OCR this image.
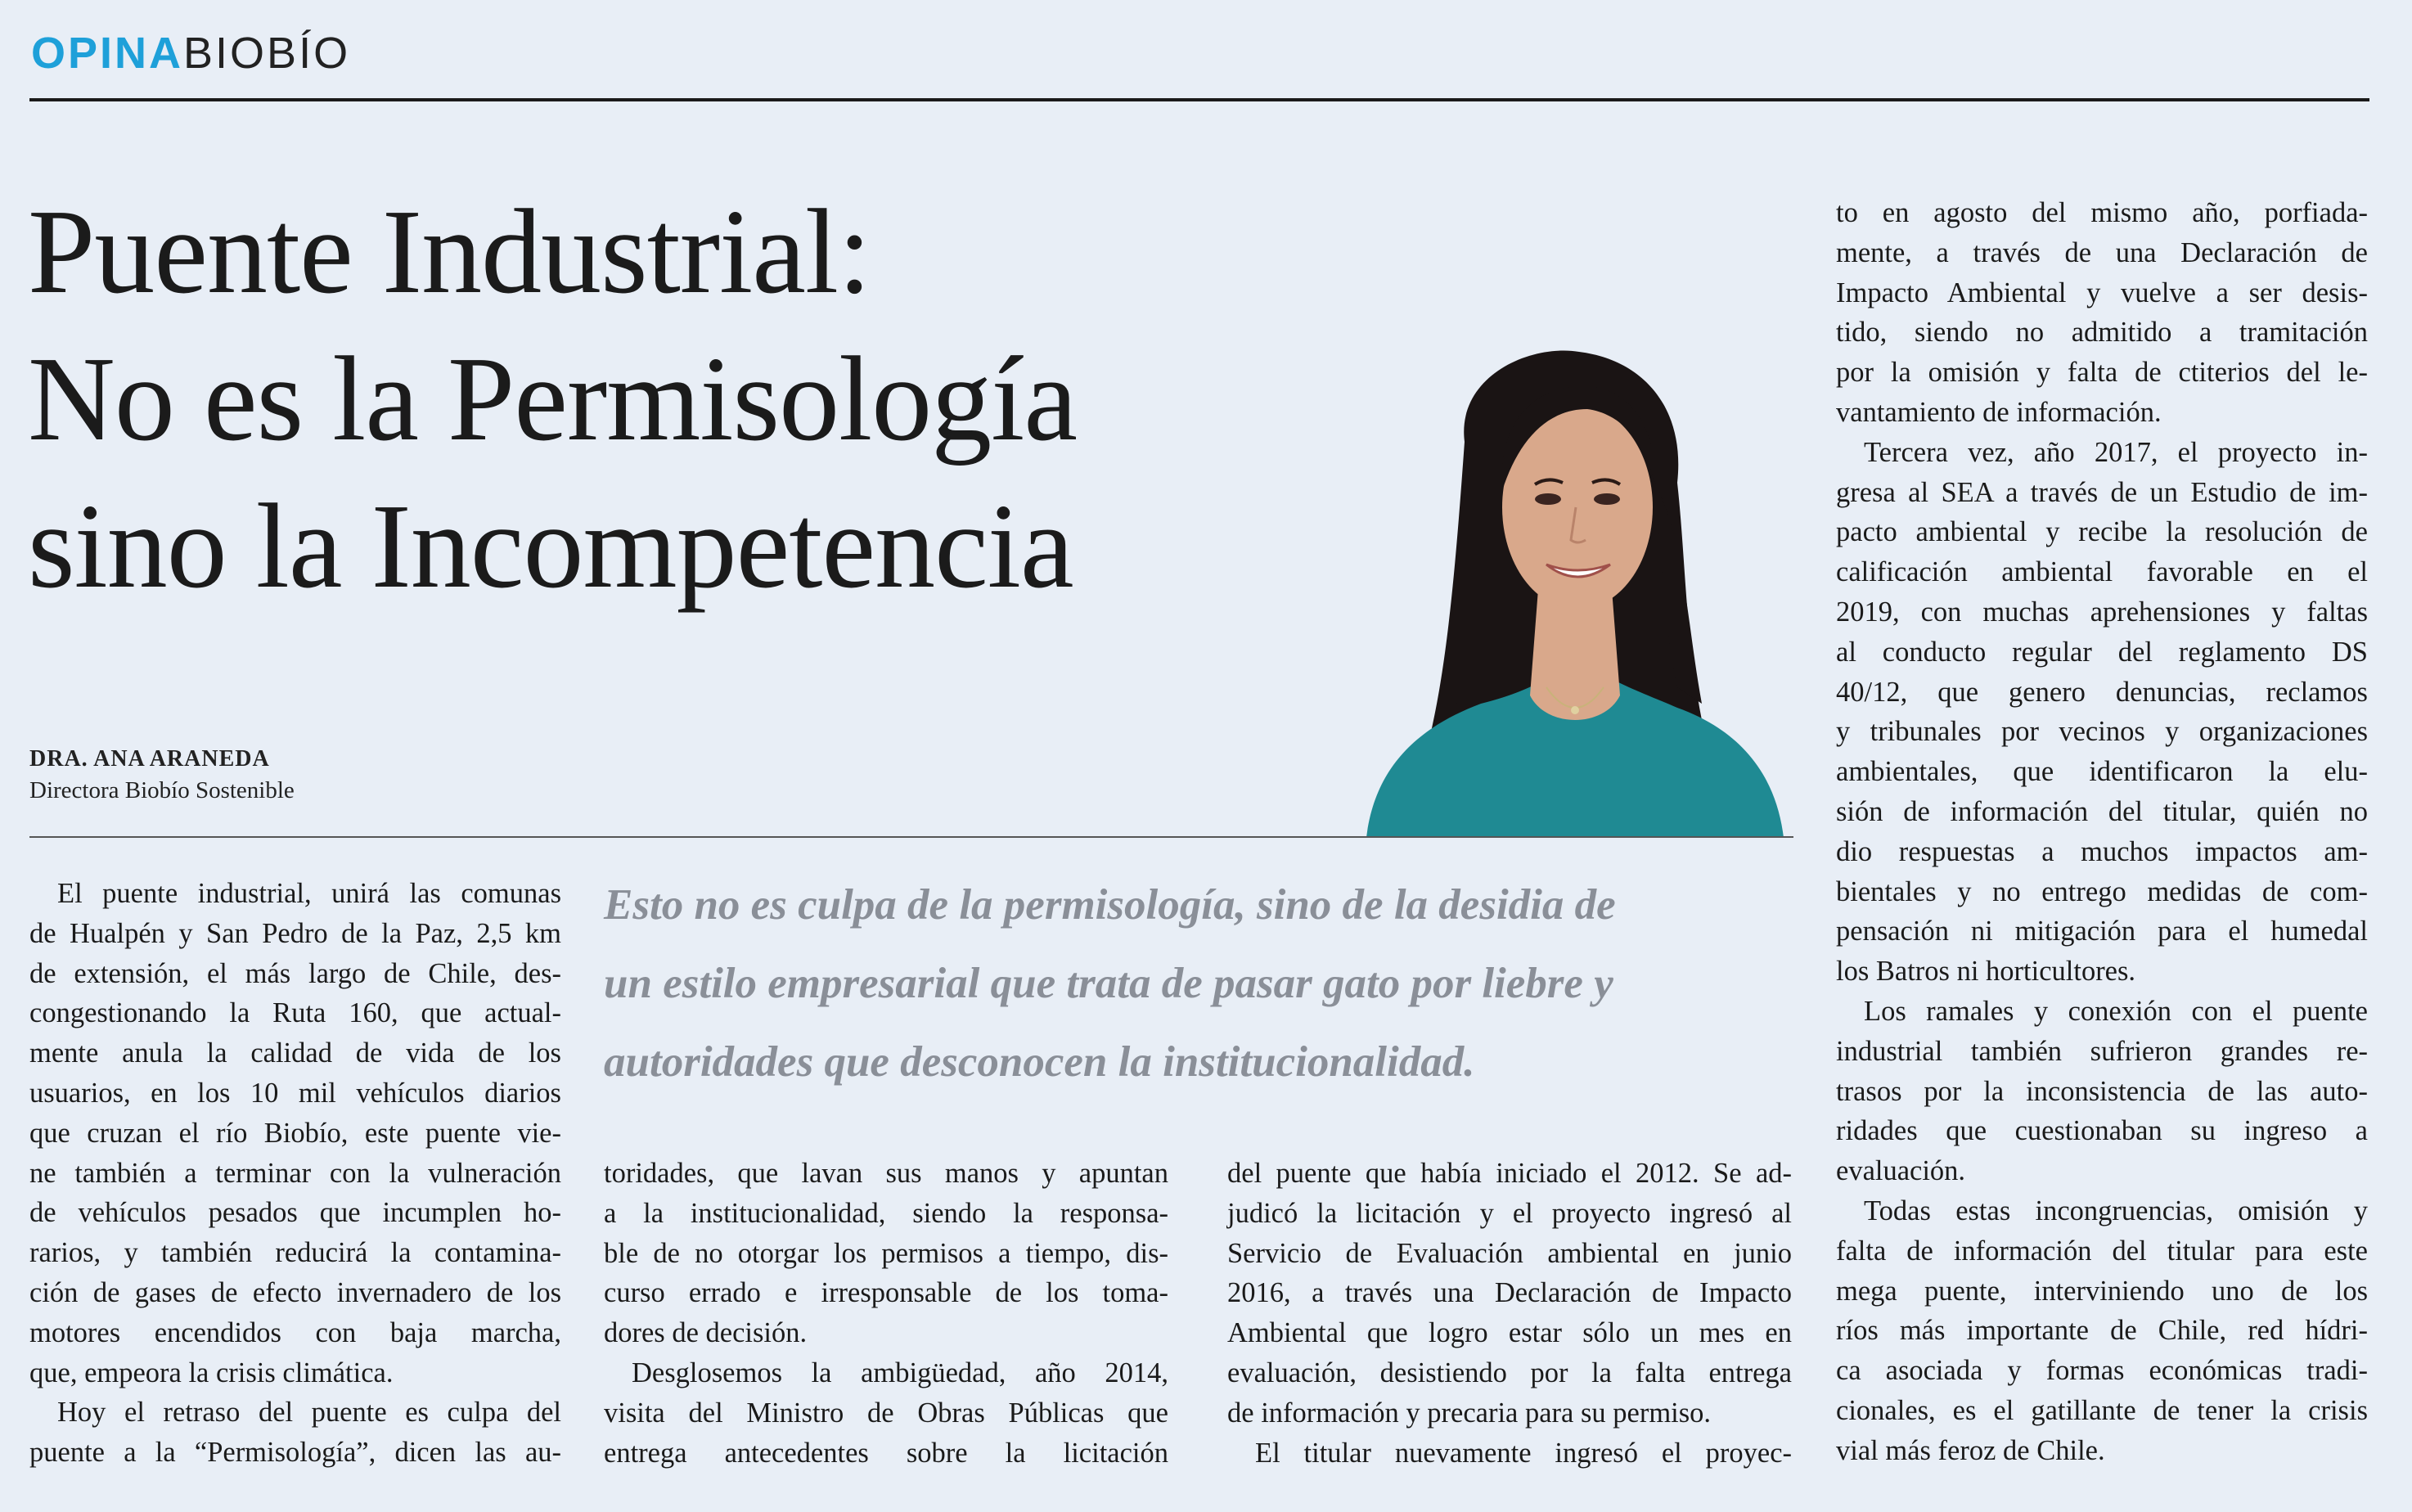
OPINA BIOBÍO
Puente Industrial:
No es la Permisología
sino la Incompetencia
DRA. ANA ARANEDA
Directora Biobío Sostenible
Esto no es culpa de la permisología, sino de la desidia de
un estilo empresarial que trata de pasar gato por liebre y
autoridades que desconocen la institucionalidad.
El puente industrial, unirá las comunas
de Hualpén y San Pedro de la Paz, 2,5 km
de extensión, el más largo de Chile, des-
congestionando la Ruta 160, que actual-
mente anula la calidad de vida de los
usuarios, en los 10 mil vehículos diarios
que cruzan el río Biobío, este puente vie-
ne también a terminar con la vulneración
de vehículos pesados que incumplen ho-
rarios, y también reducirá la contamina-
ción de gases de efecto invernadero de los
motores encendidos con baja marcha,
que, empeora la crisis climática.
Hoy el retraso del puente es culpa del
puente a la “Permisología”, dicen las au-
toridades, que lavan sus manos y apuntan
a la institucionalidad, siendo la responsa-
ble de no otorgar los permisos a tiempo, dis-
curso errado e irresponsable de los toma-
dores de decisión.
Desglosemos la ambigüedad, año 2014,
visita del Ministro de Obras Públicas que
entrega antecedentes sobre la licitación
del puente que había iniciado el 2012. Se ad-
judicó la licitación y el proyecto ingresó al
Servicio de Evaluación ambiental en junio
2016, a través una Declaración de Impacto
Ambiental que logro estar sólo un mes en
evaluación, desistiendo por la falta entrega
de información y precaria para su permiso.
El titular nuevamente ingresó el proyec-
to en agosto del mismo año, porfiada-
mente, a través de una Declaración de
Impacto Ambiental y vuelve a ser desis-
tido, siendo no admitido a tramitación
por la omisión y falta de ctiterios del le-
vantamiento de información.
Tercera vez, año 2017, el proyecto in-
gresa al SEA a través de un Estudio de im-
pacto ambiental y recibe la resolución de
calificación ambiental favorable en el
2019, con muchas aprehensiones y faltas
al conducto regular del reglamento DS
40/12, que genero denuncias, reclamos
y tribunales por vecinos y organizaciones
ambientales, que identificaron la elu-
sión de información del titular, quién no
dio respuestas a muchos impactos am-
bientales y no entrego medidas de com-
pensación ni mitigación para el humedal
los Batros ni horticultores.
Los ramales y conexión con el puente
industrial también sufrieron grandes re-
trasos por la inconsistencia de las auto-
ridades que cuestionaban su ingreso a
evaluación.
Todas estas incongruencias, omisión y
falta de información del titular para este
mega puente, interviniendo uno de los
ríos más importante de Chile, red hídri-
ca asociada y formas económicas tradi-
cionales, es el gatillante de tener la crisis
vial más feroz de Chile.
